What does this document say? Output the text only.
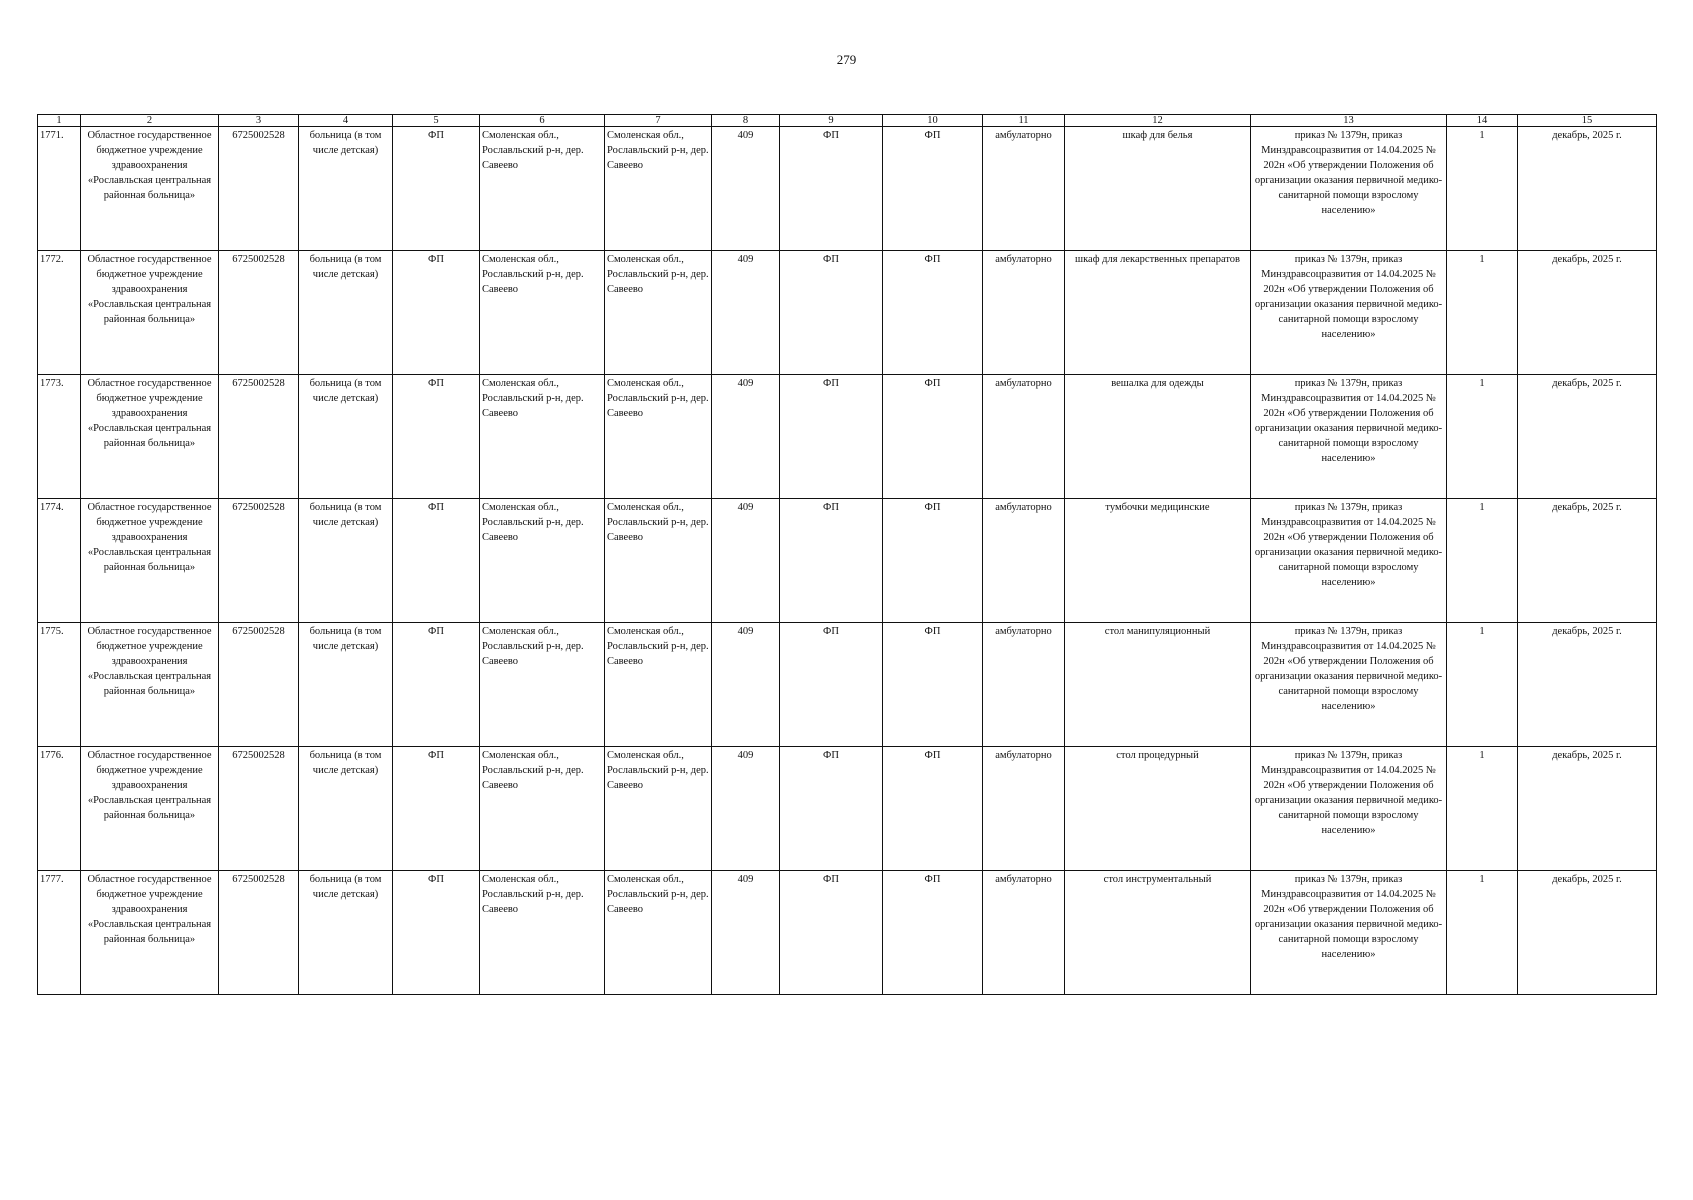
279
1	2	3	4	5	6	7	8	9	10	11	12	13	14	15
1771.	Областное государственное бюджетное учреждение здравоохранения «Рославльская центральная районная больница»	6725002528	больница (в том числе детская)	ФП	Смоленская обл., Рославльский р-н, дер. Савеево	Смоленская обл., Рославльский р-н, дер. Савеево	409	ФП	ФП	амбулаторно	шкаф для белья	приказ № 1379н, приказ Минздравсоцразвития от 14.04.2025 № 202н «Об утверждении Положения об организации оказания первичной медико-санитарной помощи взрослому населению»	1	декабрь, 2025 г.
1772.	Областное государственное бюджетное учреждение здравоохранения «Рославльская центральная районная больница»	6725002528	больница (в том числе детская)	ФП	Смоленская обл., Рославльский р-н, дер. Савеево	Смоленская обл., Рославльский р-н, дер. Савеево	409	ФП	ФП	амбулаторно	шкаф для лекарственных препаратов	приказ № 1379н, приказ Минздравсоцразвития от 14.04.2025 № 202н «Об утверждении Положения об организации оказания первичной медико-санитарной помощи взрослому населению»	1	декабрь, 2025 г.
1773.	Областное государственное бюджетное учреждение здравоохранения «Рославльская центральная районная больница»	6725002528	больница (в том числе детская)	ФП	Смоленская обл., Рославльский р-н, дер. Савеево	Смоленская обл., Рославльский р-н, дер. Савеево	409	ФП	ФП	амбулаторно	вешалка для одежды	приказ № 1379н, приказ Минздравсоцразвития от 14.04.2025 № 202н «Об утверждении Положения об организации оказания первичной медико-санитарной помощи взрослому населению»	1	декабрь, 2025 г.
1774.	Областное государственное бюджетное учреждение здравоохранения «Рославльская центральная районная больница»	6725002528	больница (в том числе детская)	ФП	Смоленская обл., Рославльский р-н, дер. Савеево	Смоленская обл., Рославльский р-н, дер. Савеево	409	ФП	ФП	амбулаторно	тумбочки медицинские	приказ № 1379н, приказ Минздравсоцразвития от 14.04.2025 № 202н «Об утверждении Положения об организации оказания первичной медико-санитарной помощи взрослому населению»	1	декабрь, 2025 г.
1775.	Областное государственное бюджетное учреждение здравоохранения «Рославльская центральная районная больница»	6725002528	больница (в том числе детская)	ФП	Смоленская обл., Рославльский р-н, дер. Савеево	Смоленская обл., Рославльский р-н, дер. Савеево	409	ФП	ФП	амбулаторно	стол манипуляционный	приказ № 1379н, приказ Минздравсоцразвития от 14.04.2025 № 202н «Об утверждении Положения об организации оказания первичной медико-санитарной помощи взрослому населению»	1	декабрь, 2025 г.
1776.	Областное государственное бюджетное учреждение здравоохранения «Рославльская центральная районная больница»	6725002528	больница (в том числе детская)	ФП	Смоленская обл., Рославльский р-н, дер. Савеево	Смоленская обл., Рославльский р-н, дер. Савеево	409	ФП	ФП	амбулаторно	стол процедурный	приказ № 1379н, приказ Минздравсоцразвития от 14.04.2025 № 202н «Об утверждении Положения об организации оказания первичной медико-санитарной помощи взрослому населению»	1	декабрь, 2025 г.
1777.	Областное государственное бюджетное учреждение здравоохранения «Рославльская центральная районная больница»	6725002528	больница (в том числе детская)	ФП	Смоленская обл., Рославльский р-н, дер. Савеево	Смоленская обл., Рославльский р-н, дер. Савеево	409	ФП	ФП	амбулаторно	стол инструментальный	приказ № 1379н, приказ Минздравсоцразвития от 14.04.2025 № 202н «Об утверждении Положения об организации оказания первичной медико-санитарной помощи взрослому населению»	1	декабрь, 2025 г.
